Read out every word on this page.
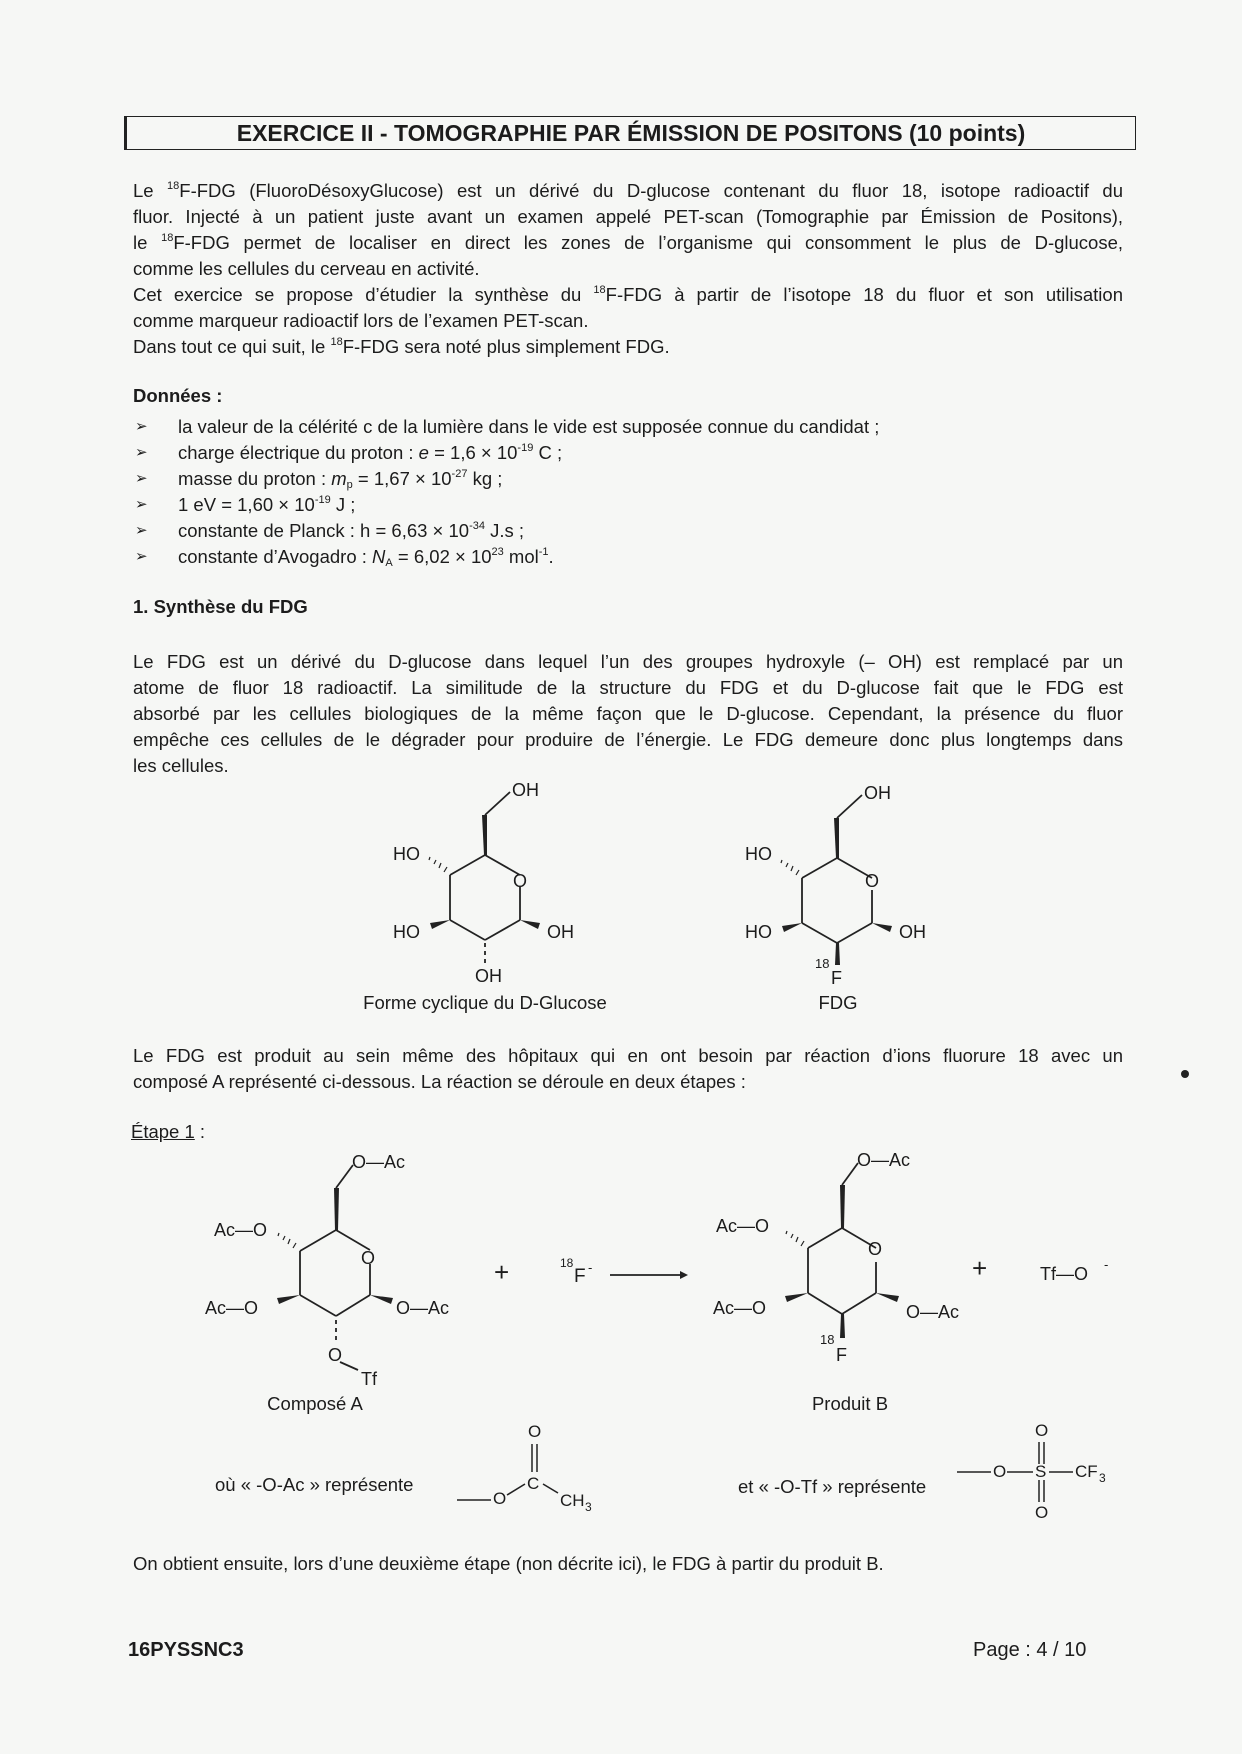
EXERCICE II - TOMOGRAPHIE PAR ÉMISSION DE POSITONS (10 points)
Le $^{18}$F-FDG (FluoroDésoxyGlucose) est un dérivé du D-glucose contenant du fluor 18, isotope radioactif du
fluor. Injecté à un patient juste avant un examen appelé PET-scan (Tomographie par Émission de Positons),
le $^{18}$F-FDG permet de localiser en direct les zones de l’organisme qui consomment le plus de D-glucose,
comme les cellules du cerveau en activité.
Cet exercice se propose d’étudier la synthèse du $^{18}$F-FDG à partir de l’isotope 18 du fluor et son utilisation
comme marqueur radioactif lors de l’examen PET-scan.
Dans tout ce qui suit, le $^{18}$F-FDG sera noté plus simplement FDG.
Données :
➢ la valeur de la célérité c de la lumière dans le vide est supposée connue du candidat ;
➢ charge électrique du proton : $e = 1,6 \times 10^{-19}$ C ;
➢ masse du proton : $m_p = 1,67 \times 10^{-27}$ kg ;
➢ 1 eV = $1,60 \times 10^{-19}$ J ;
➢ constante de Planck : $h = 6,63 \times 10^{-34}$ J.s ;
➢ constante d’Avogadro : $N_A = 6,02 \times 10^{23}$ mol$^{-1}$.
1. Synthèse du FDG
Le FDG est un dérivé du D-glucose dans lequel l’un des groupes hydroxyle (– OH) est remplacé par un
atome de fluor 18 radioactif. La similitude de la structure du FDG et du D-glucose fait que le FDG est
absorbé par les cellules biologiques de la même façon que le D-glucose. Cependant, la présence du fluor
empêche ces cellules de le dégrader pour produire de l’énergie. Le FDG demeure donc plus longtemps dans
les cellules.
OH
HO
O
HO	OH
OH
Forme cyclique du D-Glucose
OH
HO
O
HO	OH
18
F
FDG
Le FDG est produit au sein même des hôpitaux qui en ont besoin par réaction d’ions fluorure 18 avec un
composé A représenté ci-dessous. La réaction se déroule en deux étapes :
Étape 1 :
O—Ac
Ac—O
O
Ac—O	O—Ac
O
Tf
Composé A
+	18
F -
O—Ac
Ac—O
O
Ac—O	O—Ac
18
F
Produit B
+	Tf—O -
où « -O-Ac » représente
O
C
O	CH 3
et « -O-Tf » représente
O
O S CF 3
O
On obtient ensuite, lors d’une deuxième étape (non décrite ici), le FDG à partir du produit B.
16PYSSNC3	Page : 4 / 10
